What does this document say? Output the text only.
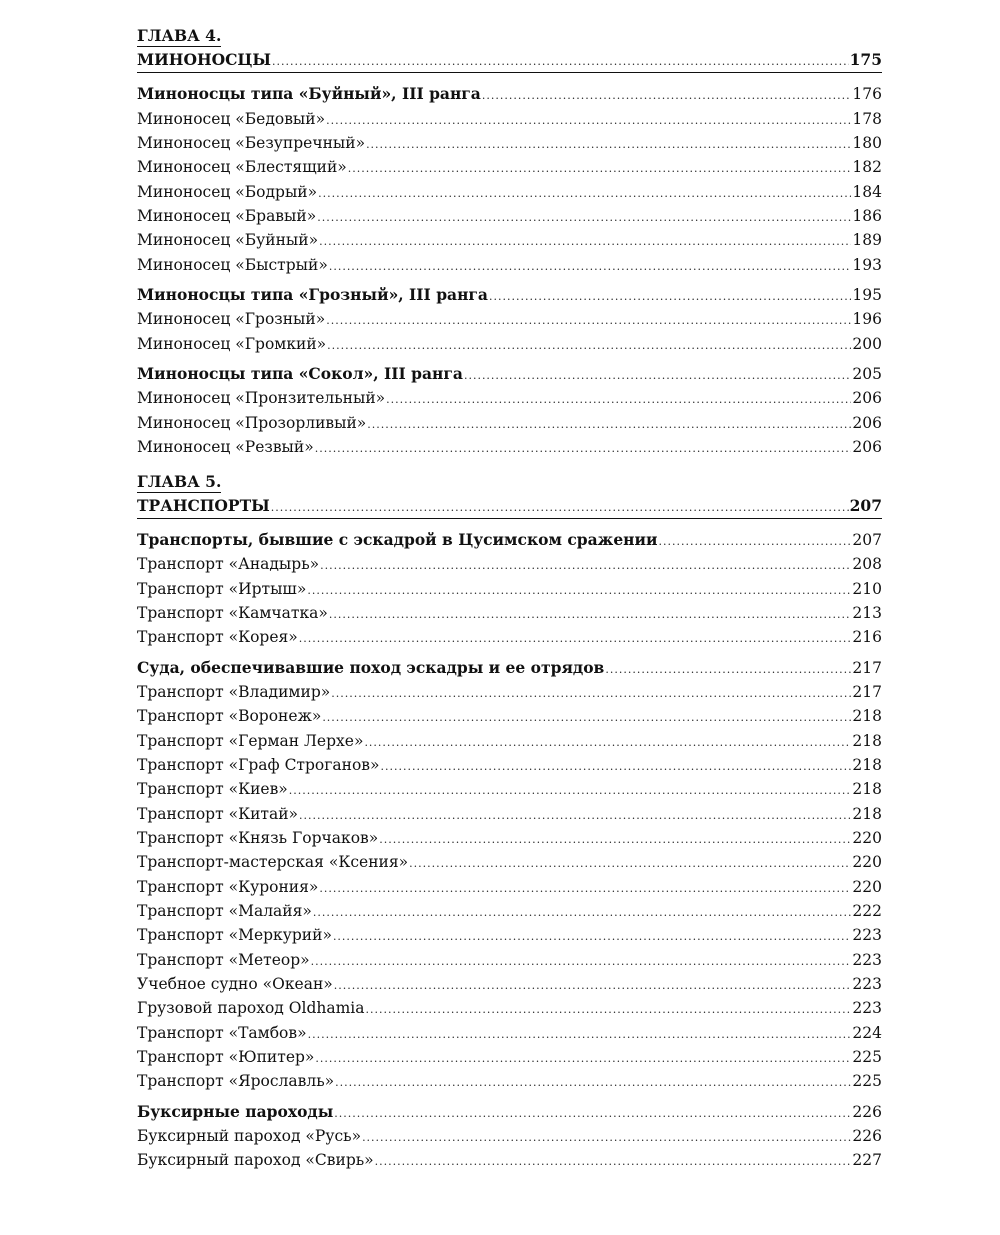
ГЛАВА 4.
МИНОНОСЦЫ .....	175
Миноносцы типа «Буйный», III ранга .....	176
Миноносец «Бедовый» .....	178
Миноносец «Безупречный» .....	180
Миноносец «Блестящий» .....	182
Миноносец «Бодрый» .....	184
Миноносец «Бравый» .....	186
Миноносец «Буйный» .....	189
Миноносец «Быстрый» .....	193
Миноносцы типа «Грозный», III ранга .....	195
Миноносец «Грозный» .....	196
Миноносец «Громкий» .....	200
Миноносцы типа «Сокол», III ранга .....	205
Миноносец «Пронзительный» .....	206
Миноносец «Прозорливый» .....	206
Миноносец «Резвый» .....	206
ГЛАВА 5.
ТРАНСПОРТЫ .....	207
Транспорты, бывшие с эскадрой в Цусимском сражении .....	207
Транспорт «Анадырь» .....	208
Транспорт «Иртыш» .....	210
Транспорт «Камчатка» .....	213
Транспорт «Корея» .....	216
Суда, обеспечивавшие поход эскадры и ее отрядов .....	217
Транспорт «Владимир» .....	217
Транспорт «Воронеж» .....	218
Транспорт «Герман Лерхе» .....	218
Транспорт «Граф Строганов» .....	218
Транспорт «Киев» .....	218
Транспорт «Китай» .....	218
Транспорт «Князь Горчаков» .....	220
Транспорт-мастерская «Ксения» .....	220
Транспорт «Курония» .....	220
Транспорт «Малайя» .....	222
Транспорт «Меркурий» .....	223
Транспорт «Метеор» .....	223
Учебное судно «Океан» .....	223
Грузовой пароход Oldhamia .....	223
Транспорт «Тамбов» .....	224
Транспорт «Юпитер» .....	225
Транспорт «Ярославль» .....	225
Буксирные пароходы .....	226
Буксирный пароход «Русь» .....	226
Буксирный пароход «Свирь» .....	227
